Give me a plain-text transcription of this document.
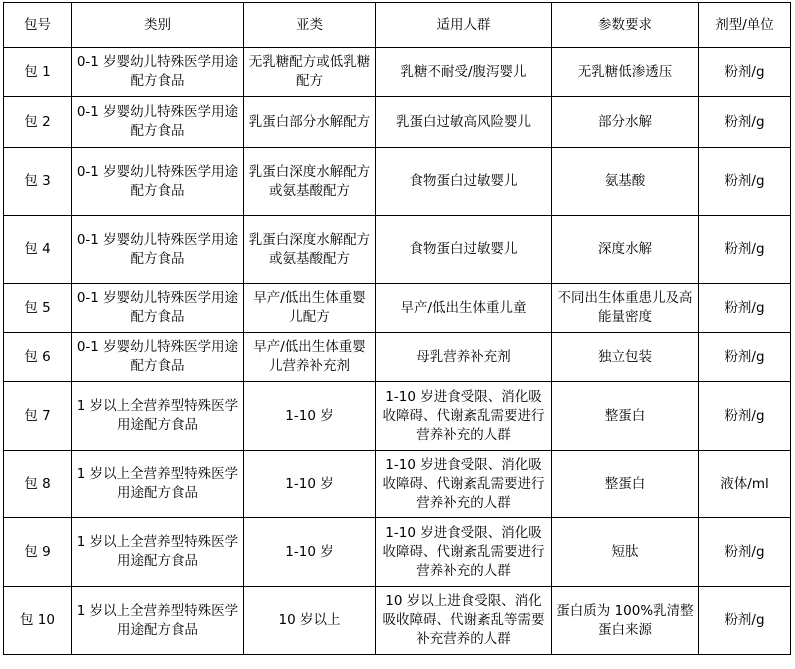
包号	类别	亚类	适用人群	参数要求	剂型/单位
包 1	0-1 岁婴幼儿特殊医学用途配方食品	无乳糖配方或低乳糖配方	乳糖不耐受/腹泻婴儿	无乳糖低渗透压	粉剂/g
包 2	0-1 岁婴幼儿特殊医学用途配方食品	乳蛋白部分水解配方	乳蛋白过敏高风险婴儿	部分水解	粉剂/g
包 3	0-1 岁婴幼儿特殊医学用途配方食品	乳蛋白深度水解配方或氨基酸配方	食物蛋白过敏婴儿	氨基酸	粉剂/g
包 4	0-1 岁婴幼儿特殊医学用途配方食品	乳蛋白深度水解配方或氨基酸配方	食物蛋白过敏婴儿	深度水解	粉剂/g
包 5	0-1 岁婴幼儿特殊医学用途配方食品	早产/低出生体重婴儿配方	早产/低出生体重儿童	不同出生体重患儿及高能量密度	粉剂/g
包 6	0-1 岁婴幼儿特殊医学用途配方食品	早产/低出生体重婴儿营养补充剂	母乳营养补充剂	独立包装	粉剂/g
包 7	1 岁以上全营养型特殊医学用途配方食品	1-10 岁	1-10 岁进食受限、消化吸收障碍、代谢紊乱需要进行营养补充的人群	整蛋白	粉剂/g
包 8	1 岁以上全营养型特殊医学用途配方食品	1-10 岁	1-10 岁进食受限、消化吸收障碍、代谢紊乱需要进行营养补充的人群	整蛋白	液体/ml
包 9	1 岁以上全营养型特殊医学用途配方食品	1-10 岁	1-10 岁进食受限、消化吸收障碍、代谢紊乱需要进行营养补充的人群	短肽	粉剂/g
包 10	1 岁以上全营养型特殊医学用途配方食品	10 岁以上	10 岁以上进食受限、消化吸收障碍、代谢紊乱等需要补充营养的人群	蛋白质为 100%乳清整蛋白来源	粉剂/g
